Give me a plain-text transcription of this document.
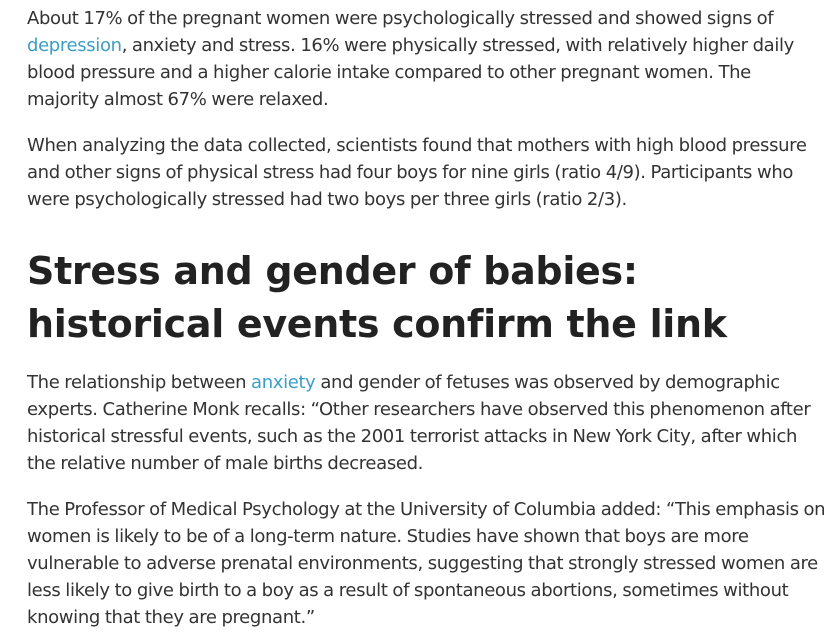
About 17% of the pregnant women were psychologically stressed and showed signs of depression, anxiety and stress. 16% were physically stressed, with relatively higher daily blood pressure and a higher calorie intake compared to other pregnant women. The majority almost 67% were relaxed.

When analyzing the data collected, scientists found that mothers with high blood pressure and other signs of physical stress had four boys for nine girls (ratio 4/9). Participants who were psychologically stressed had two boys per three girls (ratio 2/3).

Stress and gender of babies: historical events confirm the link

The relationship between anxiety and gender of fetuses was observed by demographic experts. Catherine Monk recalls: “Other researchers have observed this phenomenon after historical stressful events, such as the 2001 terrorist attacks in New York City, after which the relative number of male births decreased.

The Professor of Medical Psychology at the University of Columbia added: “This emphasis on women is likely to be of a long-term nature. Studies have shown that boys are more vulnerable to adverse prenatal environments, suggesting that strongly stressed women are less likely to give birth to a boy as a result of spontaneous abortions, sometimes without knowing that they are pregnant.”
